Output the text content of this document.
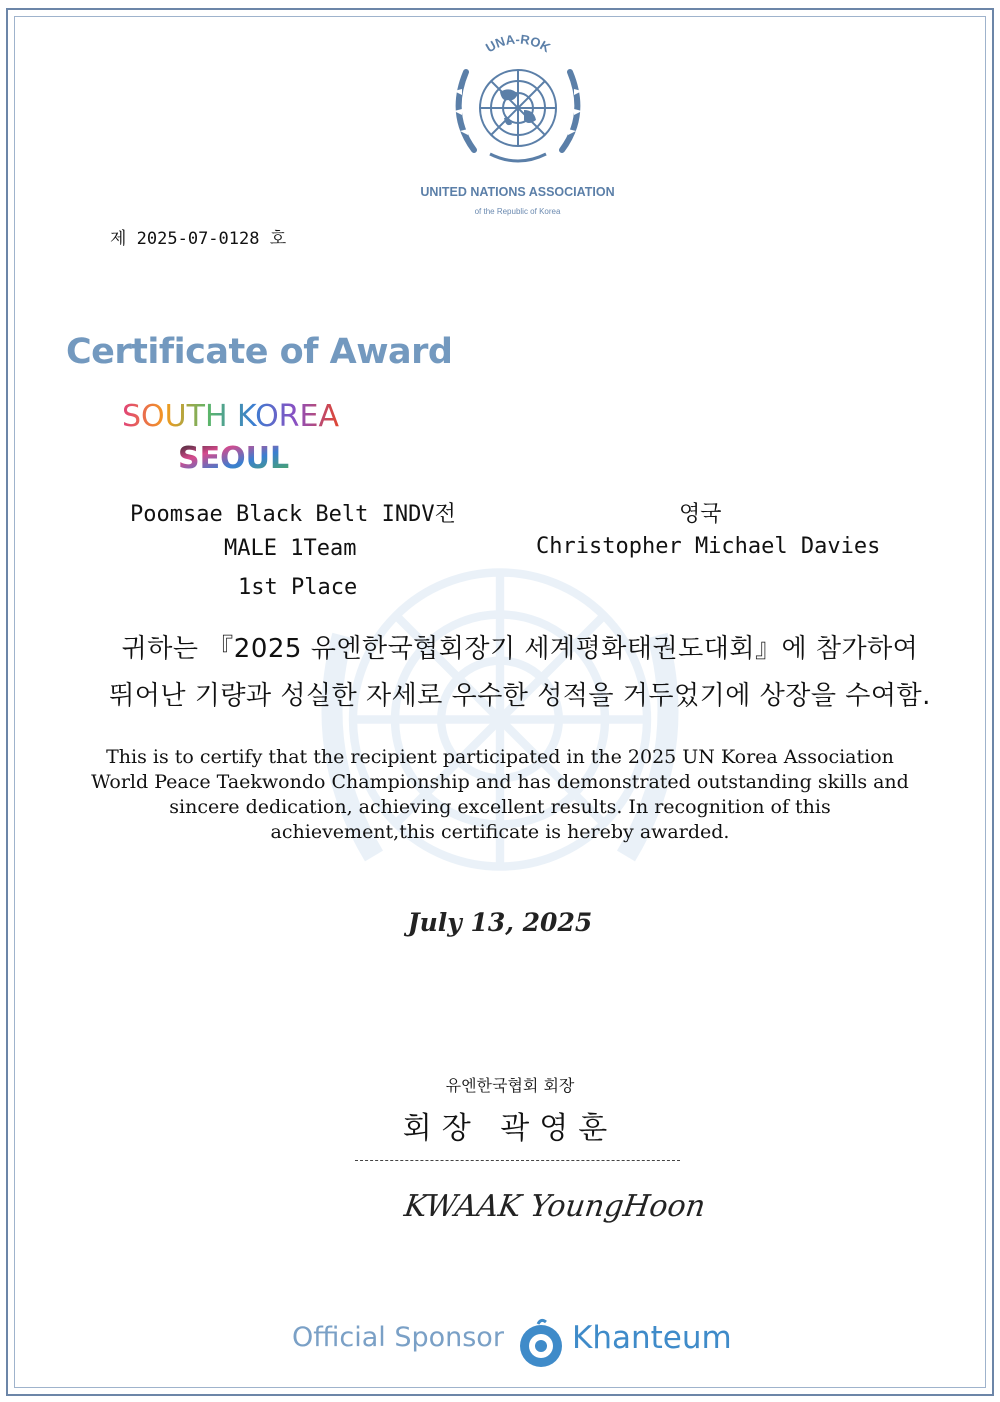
UNA-ROK
UNITED NATIONS ASSOCIATION
of the Republic of Korea
제 2025-07-0128 호
Certificate of Award
SOUTH KOREA
SEOUL
Poomsae Black Belt INDV전
MALE 1Team
1st Place
영국
Christopher Michael Davies
귀하는 『2025 유엔한국협회장기 세계평화태권도대회』에 참가하여
뛰어난 기량과 성실한 자세로 우수한 성적을 거두었기에 상장을 수여함.
This is to certify that the recipient participated in the 2025 UN Korea Association
World Peace Taekwondo Championship and has demonstrated outstanding skills and
sincere dedication, achieving excellent results. In recognition of this
achievement,this certificate is hereby awarded.
July 13, 2025
유엔한국협회 회장
회장 곽영훈
KWAAK YoungHoon
Official Sponsor Khanteum
